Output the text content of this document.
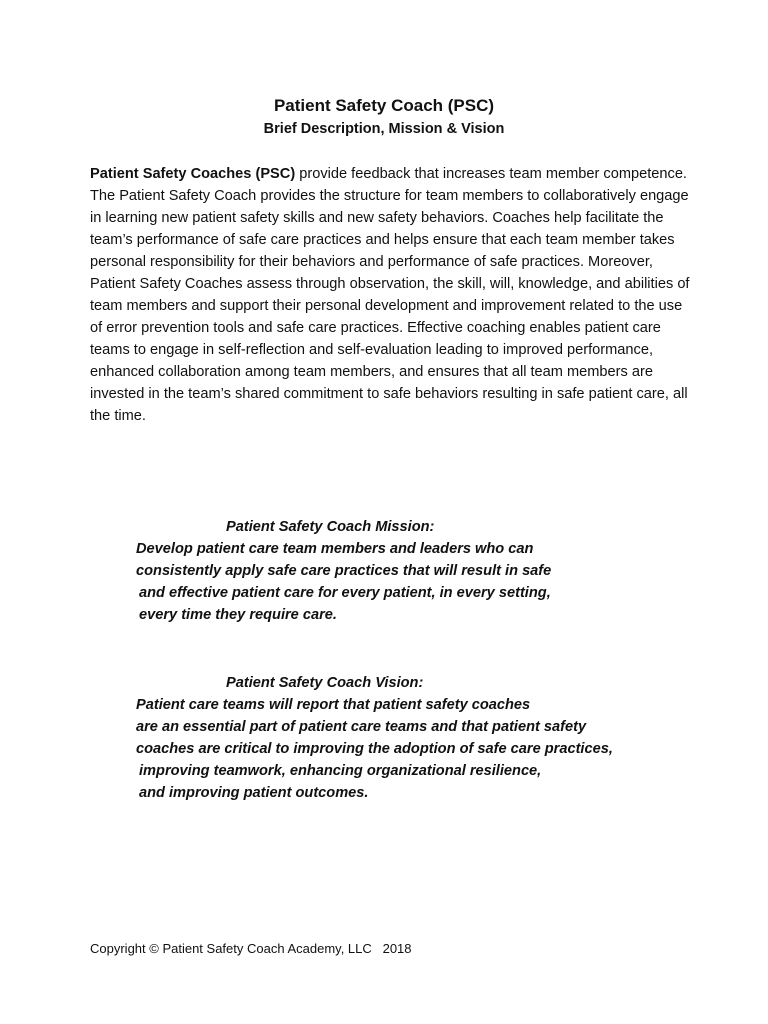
Patient Safety Coach (PSC)
Brief Description, Mission & Vision

Patient Safety Coaches (PSC) provide feedback that increases team member competence. The Patient Safety Coach provides the structure for team members to collaboratively engage in learning new patient safety skills and new safety behaviors. Coaches help facilitate the team’s performance of safe care practices and helps ensure that each team member takes personal responsibility for their behaviors and performance of safe practices. Moreover, Patient Safety Coaches assess through observation, the skill, will, knowledge, and abilities of team members and support their personal development and improvement related to the use of error prevention tools and safe care practices. Effective coaching enables patient care teams to engage in self-reflection and self-evaluation leading to improved performance, enhanced collaboration among team members, and ensures that all team members are invested in the team’s shared commitment to safe behaviors resulting in safe patient care, all the time.

Patient Safety Coach Mission:
Develop patient care team members and leaders who can
consistently apply safe care practices that will result in safe
and effective patient care for every patient, in every setting,
every time they require care.
Patient Safety Coach Vision:
Patient care teams will report that patient safety coaches
are an essential part of patient care teams and that patient safety
coaches are critical to improving the adoption of safe care practices,
improving teamwork, enhancing organizational resilience,
and improving patient outcomes.
Copyright © Patient Safety Coach Academy, LLC   2018
